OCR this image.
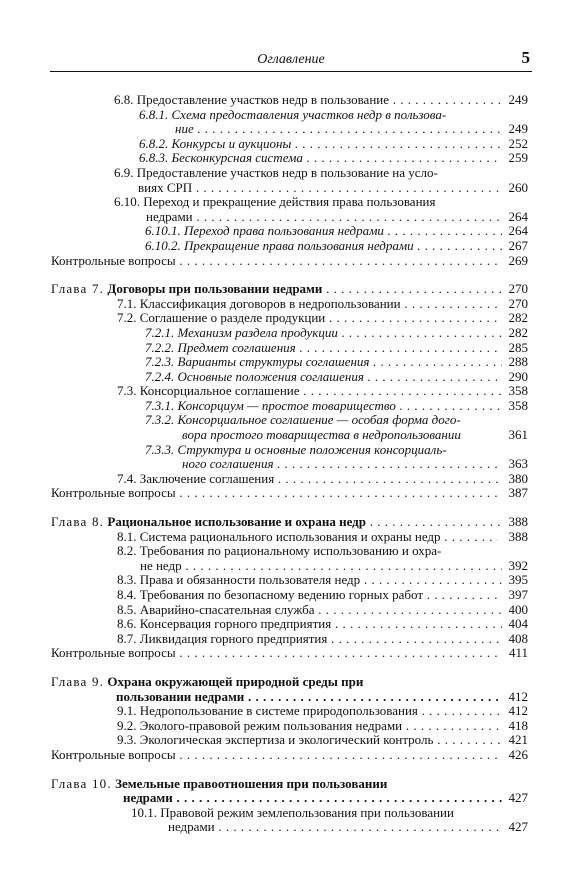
Оглавление	5
6.8. Предоставление участков недр в пользование . . .	249
6.8.1. Схема предоставления участков недр в пользова-
ние . . .	249
6.8.2. Конкурсы и аукционы . . .	252
6.8.3. Бесконкурсная система . . .	259
6.9. Предоставление участков недр в пользование на усло-
виях СРП . . .	260
6.10. Переход и прекращение действия права пользования
недрами . . .	264
6.10.1. Переход права пользования недрами . . .	264
6.10.2. Прекращение права пользования недрами . . .	267
Контрольные вопросы . . .	269
Глава 7. Договоры при пользовании недрами . . .	270
7.1. Классификация договоров в недропользовании . . .	270
7.2. Соглашение о разделе продукции . . .	282
7.2.1. Механизм раздела продукции . . .	282
7.2.2. Предмет соглашения . . .	285
7.2.3. Варианты структуры соглашения . . .	288
7.2.4. Основные положения соглашения . . .	290
7.3. Консорциальное соглашение . . .	358
7.3.1. Консорциум — простое товарищество . . .	358
7.3.2. Консорциальное соглашение — особая форма дого-
вора простого товарищества в недропользовании	361
7.3.3. Структура и основные положения консорциаль-
ного соглашения . . .	363
7.4. Заключение соглашения . . .	380
Контрольные вопросы . . .	387
Глава 8. Рациональное использование и охрана недр . . .	388
8.1. Система рационального использования и охраны недр . . .	388
8.2. Требования по рациональному использованию и охра-
не недр . . .	392
8.3. Права и обязанности пользователя недр . . .	395
8.4. Требования по безопасному ведению горных работ . . .	397
8.5. Аварийно-спасательная служба . . .	400
8.6. Консервация горного предприятия . . .	404
8.7. Ликвидация горного предприятия . . .	408
Контрольные вопросы . . .	411
Глава 9. Охрана окружающей природной среды при
пользовании недрами . . .	412
9.1. Недропользование в системе природопользования . . .	412
9.2. Эколого-правовой режим пользования недрами . . .	418
9.3. Экологическая экспертиза и экологический контроль . . .	421
Контрольные вопросы . . .	426
Глава 10. Земельные правоотношения при пользовании
недрами . . .	427
10.1. Правовой режим землепользования при пользовании
недрами . . .	427
